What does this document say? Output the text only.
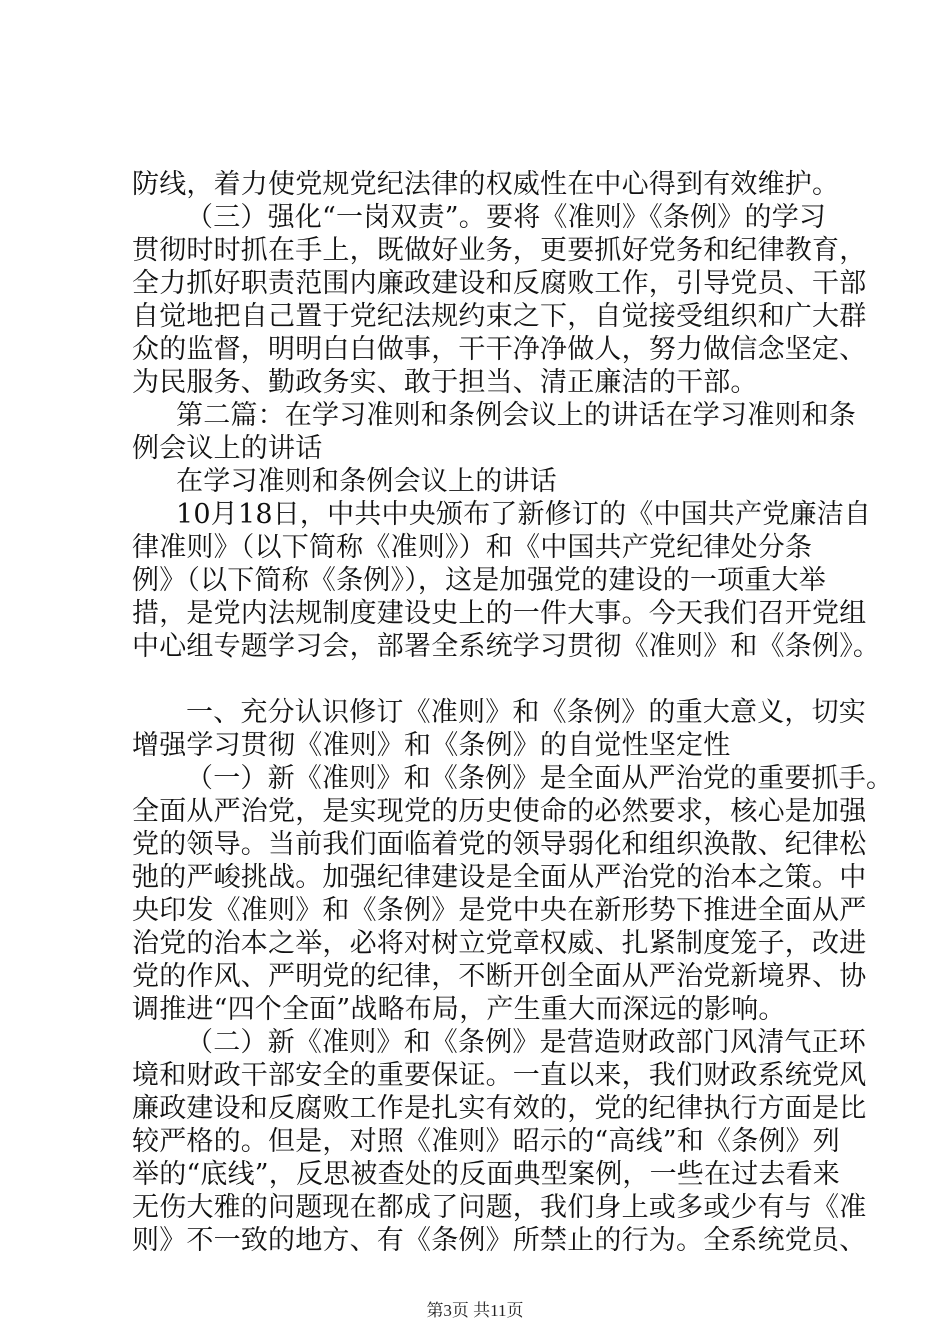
防线，着力使党规党纪法律的权威性在中心得到有效维护。
（三）强化“一岗双责”。要将《准则》《条例》的学习
贯彻时时抓在手上，既做好业务，更要抓好党务和纪律教育，
全力抓好职责范围内廉政建设和反腐败工作，引导党员、干部
自觉地把自己置于党纪法规约束之下，自觉接受组织和广大群
众的监督，明明白白做事，干干净净做人，努力做信念坚定、
为民服务、勤政务实、敢于担当、清正廉洁的干部。
第二篇：在学习准则和条例会议上的讲话在学习准则和条
例会议上的讲话
在学习准则和条例会议上的讲话
10月18日，中共中央颁布了新修订的《中国共产党廉洁自
律准则》（以下简称《准则》）和《中国共产党纪律处分条
例》（以下简称《条例》），这是加强党的建设的一项重大举
措，是党内法规制度建设史上的一件大事。今天我们召开党组
中心组专题学习会，部署全系统学习贯彻《准则》和《条例》。
一、充分认识修订《准则》和《条例》的重大意义，切实
增强学习贯彻《准则》和《条例》的自觉性坚定性
（一）新《准则》和《条例》是全面从严治党的重要抓手。
全面从严治党，是实现党的历史使命的必然要求，核心是加强
党的领导。当前我们面临着党的领导弱化和组织涣散、纪律松
弛的严峻挑战。加强纪律建设是全面从严治党的治本之策。中
央印发《准则》和《条例》是党中央在新形势下推进全面从严
治党的治本之举，必将对树立党章权威、扎紧制度笼子，改进
党的作风、严明党的纪律，不断开创全面从严治党新境界、协
调推进“四个全面”战略布局，产生重大而深远的影响。
（二）新《准则》和《条例》是营造财政部门风清气正环
境和财政干部安全的重要保证。一直以来，我们财政系统党风
廉政建设和反腐败工作是扎实有效的，党的纪律执行方面是比
较严格的。但是，对照《准则》昭示的“高线”和《条例》列
举的“底线”，反思被查处的反面典型案例，一些在过去看来
无伤大雅的问题现在都成了问题，我们身上或多或少有与《准
则》不一致的地方、有《条例》所禁止的行为。全系统党员、
第3页 共11页
